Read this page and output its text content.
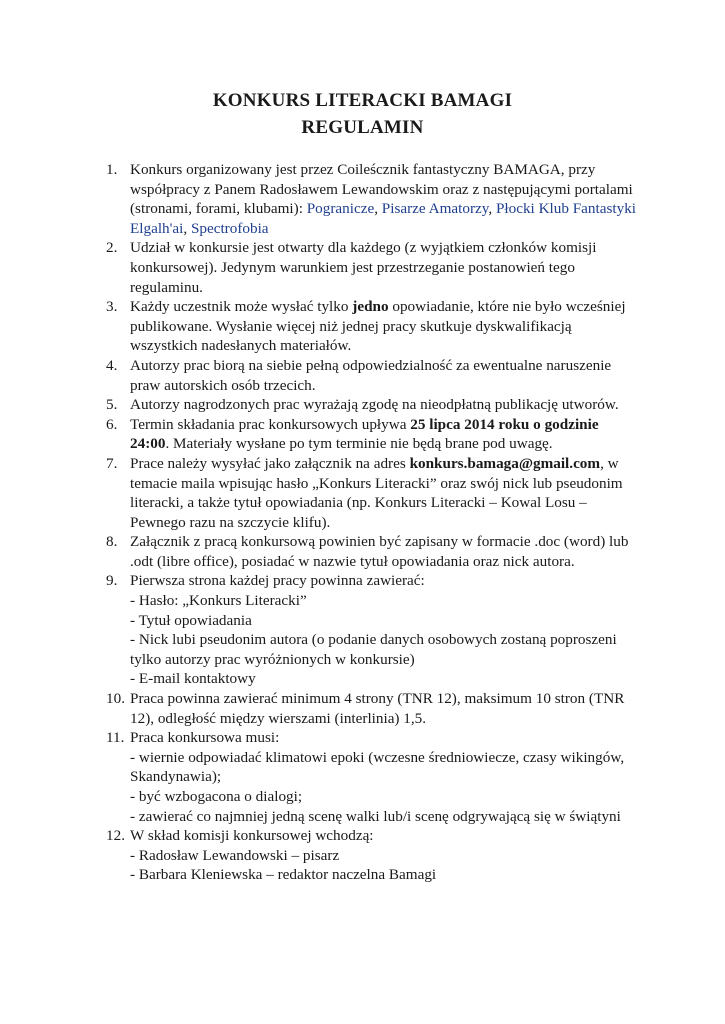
KONKURS LITERACKI BAMAGI
REGULAMIN
1. Konkurs organizowany jest przez Coileścznik fantastyczny BAMAGA, przy współpracy z Panem Radosławem Lewandowskim oraz z następującymi portalami (stronami, forami, klubami): Pogranicze, Pisarze Amatorzy, Płocki Klub Fantastyki Elgalh'ai, Spectrofobia
2. Udział w konkursie jest otwarty dla każdego (z wyjątkiem członków komisji konkursowej). Jedynym warunkiem jest przestrzeganie postanowień tego regulaminu.
3. Każdy uczestnik może wysłać tylko jedno opowiadanie, które nie było wcześniej publikowane. Wysłanie więcej niż jednej pracy skutkuje dyskwalifikacją wszystkich nadesłanych materiałów.
4. Autorzy prac biorą na siebie pełną odpowiedzialność za ewentualne naruszenie praw autorskich osób trzecich.
5. Autorzy nagrodzonych prac wyrażają zgodę na nieodpłatną publikację utworów.
6. Termin składania prac konkursowych upływa 25 lipca 2014 roku o godzinie 24:00. Materiały wysłane po tym terminie nie będą brane pod uwagę.
7. Prace należy wysyłać jako załącznik na adres konkurs.bamaga@gmail.com, w temacie maila wpisując hasło „Konkurs Literacki” oraz swój nick lub pseudonim literacki, a także tytuł opowiadania (np. Konkurs Literacki – Kowal Losu – Pewnego razu na szczycie klifu).
8. Załącznik z pracą konkursową powinien być zapisany w formacie .doc (word) lub .odt (libre office), posiadać w nazwie tytuł opowiadania oraz nick autora.
9. Pierwsza strona każdej pracy powinna zawierać:
- Hasło: „Konkurs Literacki”
- Tytuł opowiadania
- Nick lubi pseudonim autora (o podanie danych osobowych zostaną poproszeni tylko autorzy prac wyróżnionych w konkursie)
- E-mail kontaktowy
10. Praca powinna zawierać minimum 4 strony (TNR 12), maksimum 10 stron (TNR 12), odległość między wierszami (interlinia) 1,5.
11. Praca konkursowa musi:
- wiernie odpowiadać klimatowi epoki (wczesne średniowiecze, czasy wikingów, Skandynawia);
- być wzbogacona o dialogi;
- zawierać co najmniej jedną scenę walki lub/i scenę odgrywającą się w świątyni
12. W skład komisji konkursowej wchodzą:
- Radosław Lewandowski – pisarz
- Barbara Kleniewska – redaktor naczelna Bamagi
